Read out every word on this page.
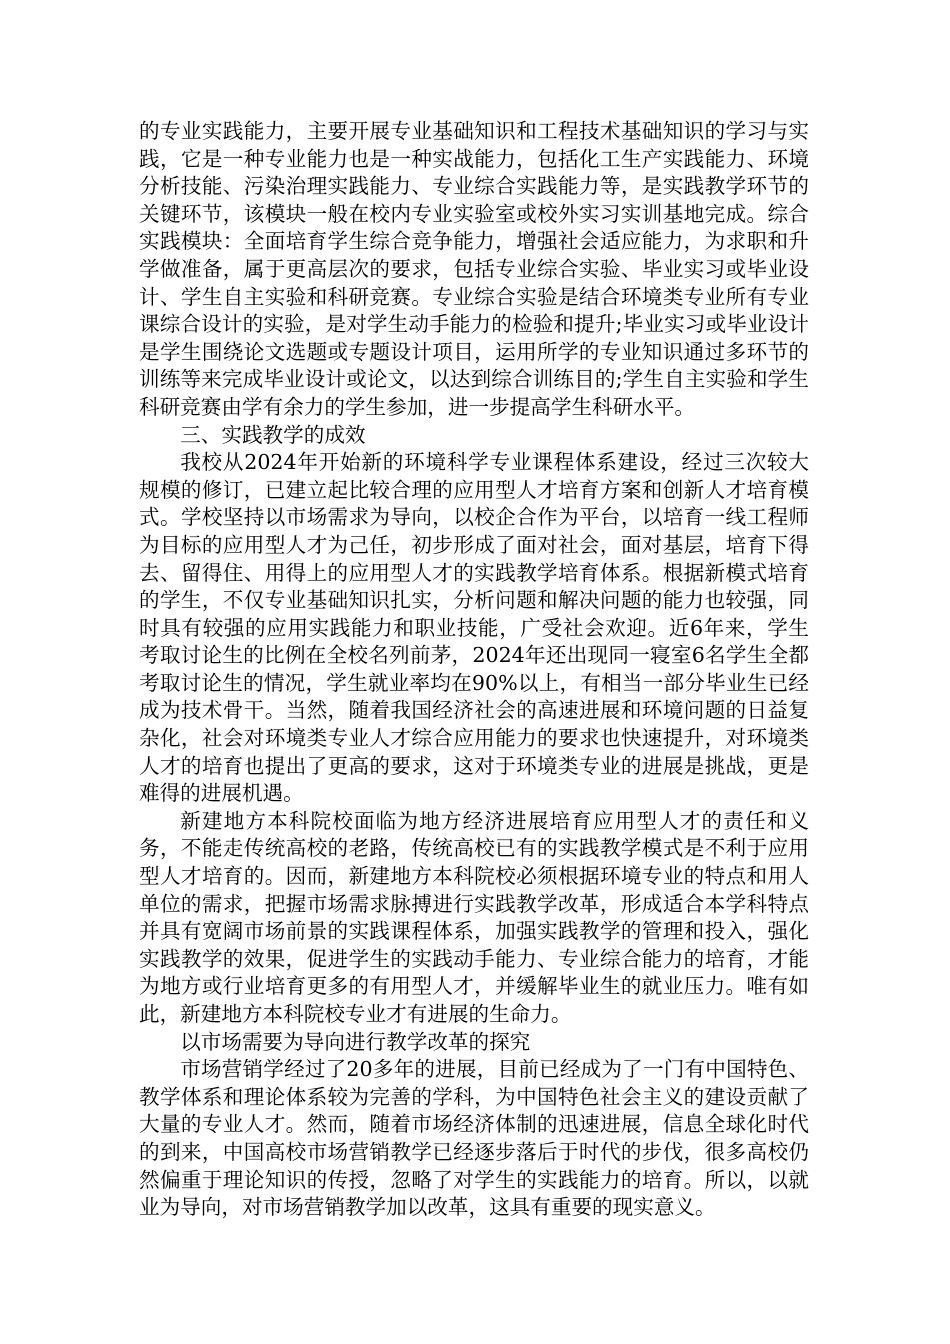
的专业实践能力，主要开展专业基础知识和工程技术基础知识的学习与实践，它是一种专业能力也是一种实战能力，包括化工生产实践能力、环境分析技能、污染治理实践能力、专业综合实践能力等，是实践教学环节的关键环节，该模块一般在校内专业实验室或校外实习实训基地完成。综合实践模块：全面培育学生综合竞争能力，增强社会适应能力，为求职和升学做准备，属于更高层次的要求，包括专业综合实验、毕业实习或毕业设计、学生自主实验和科研竞赛。专业综合实验是结合环境类专业所有专业课综合设计的实验，是对学生动手能力的检验和提升;毕业实习或毕业设计是学生围绕论文选题或专题设计项目，运用所学的专业知识通过多环节的训练等来完成毕业设计或论文，以达到综合训练目的;学生自主实验和学生科研竞赛由学有余力的学生参加，进一步提高学生科研水平。

三、实践教学的成效

我校从2024年开始新的环境科学专业课程体系建设，经过三次较大规模的修订，已建立起比较合理的应用型人才培育方案和创新人才培育模式。学校坚持以市场需求为导向，以校企合作为平台，以培育一线工程师为目标的应用型人才为己任，初步形成了面对社会，面对基层，培育下得去、留得住、用得上的应用型人才的实践教学培育体系。根据新模式培育的学生，不仅专业基础知识扎实，分析问题和解决问题的能力也较强，同时具有较强的应用实践能力和职业技能，广受社会欢迎。近6年来，学生考取讨论生的比例在全校名列前茅，2024年还出现同一寝室6名学生全都考取讨论生的情况，学生就业率均在90%以上，有相当一部分毕业生已经成为技术骨干。当然，随着我国经济社会的高速进展和环境问题的日益复杂化，社会对环境类专业人才综合应用能力的要求也快速提升，对环境类人才的培育也提出了更高的要求，这对于环境类专业的进展是挑战，更是难得的进展机遇。

新建地方本科院校面临为地方经济进展培育应用型人才的责任和义务，不能走传统高校的老路，传统高校已有的实践教学模式是不利于应用型人才培育的。因而，新建地方本科院校必须根据环境专业的特点和用人单位的需求，把握市场需求脉搏进行实践教学改革，形成适合本学科特点并具有宽阔市场前景的实践课程体系，加强实践教学的管理和投入，强化实践教学的效果，促进学生的实践动手能力、专业综合能力的培育，才能为地方或行业培育更多的有用型人才，并缓解毕业生的就业压力。唯有如此，新建地方本科院校专业才有进展的生命力。

以市场需要为导向进行教学改革的探究

市场营销学经过了20多年的进展，目前已经成为了一门有中国特色、教学体系和理论体系较为完善的学科，为中国特色社会主义的建设贡献了大量的专业人才。然而，随着市场经济体制的迅速进展，信息全球化时代的到来，中国高校市场营销教学已经逐步落后于时代的步伐，很多高校仍然偏重于理论知识的传授，忽略了对学生的实践能力的培育。所以，以就业为导向，对市场营销教学加以改革，这具有重要的现实意义。
